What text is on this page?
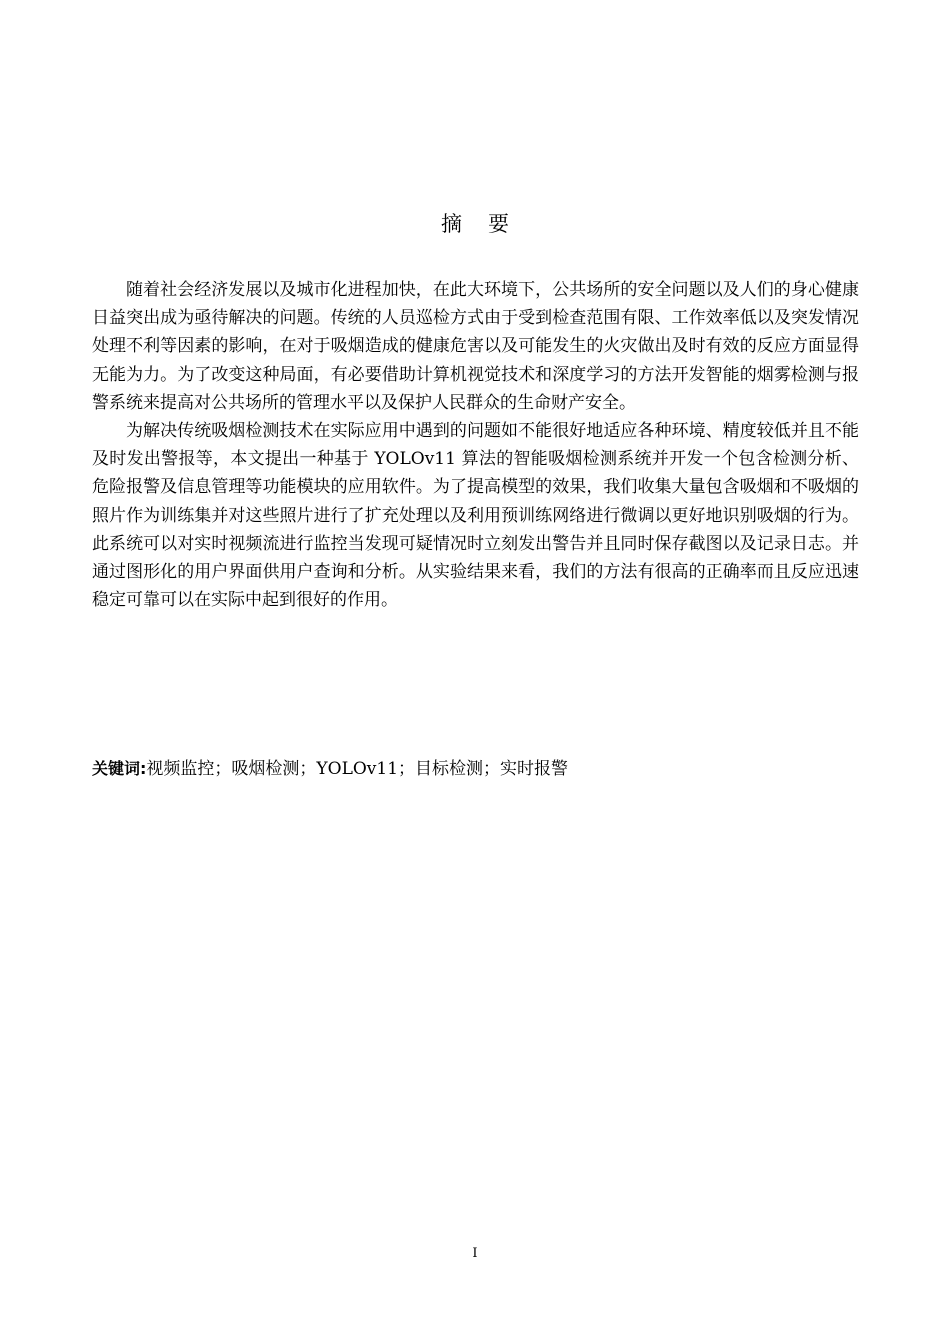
摘 要

随着社会经济发展以及城市化进程加快，在此大环境下，公共场所的安全问题以及人们的身心健康日益突出成为亟待解决的问题。传统的人员巡检方式由于受到检查范围有限、工作效率低以及突发情况处理不利等因素的影响，在对于吸烟造成的健康危害以及可能发生的火灾做出及时有效的反应方面显得无能为力。为了改变这种局面，有必要借助计算机视觉技术和深度学习的方法开发智能的烟雾检测与报警系统来提高对公共场所的管理水平以及保护人民群众的生命财产安全。

为解决传统吸烟检测技术在实际应用中遇到的问题如不能很好地适应各种环境、精度较低并且不能及时发出警报等，本文提出一种基于 YOLOv11 算法的智能吸烟检测系统并开发一个包含检测分析、危险报警及信息管理等功能模块的应用软件。为了提高模型的效果，我们收集大量包含吸烟和不吸烟的照片作为训练集并对这些照片进行了扩充处理以及利用预训练网络进行微调以更好地识别吸烟的行为。此系统可以对实时视频流进行监控当发现可疑情况时立刻发出警告并且同时保存截图以及记录日志。并通过图形化的用户界面供用户查询和分析。从实验结果来看，我们的方法有很高的正确率而且反应迅速稳定可靠可以在实际中起到很好的作用。

关键词:视频监控；吸烟检测；YOLOv11；目标检测；实时报警
I
